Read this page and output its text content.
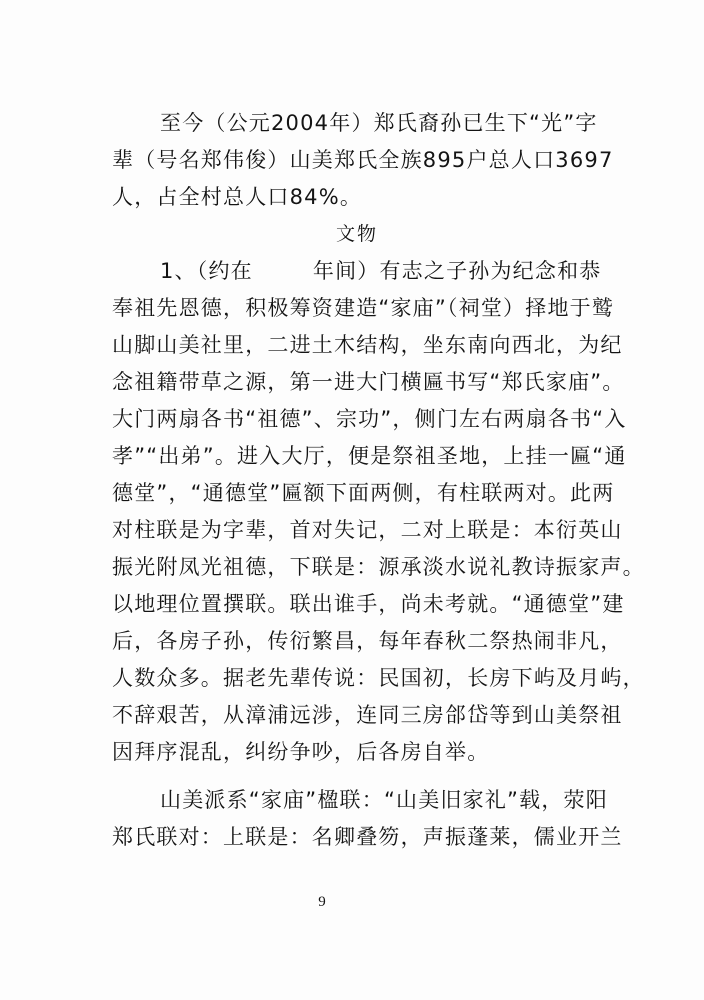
至今（公元2004年）郑氏裔孙已生下“光”字
辈（号名郑伟俊）山美郑氏全族895户总人口3697
人，占全村总人口84%。
文物
1、（约在	年间）有志之子孙为纪念和恭
奉祖先恩德，积极筹资建造“家庙”（祠堂）择地于鹫
山脚山美社里，二进土木结构，坐东南向西北，为纪
念祖籍带草之源，第一进大门横匾书写“郑氏家庙”。
大门两扇各书“祖德”、宗功”，侧门左右两扇各书“入
孝”“出弟”。进入大厅，便是祭祖圣地，上挂一匾“通
德堂”，“通德堂”匾额下面两侧，有柱联两对。此两
对柱联是为字辈，首对失记，二对上联是：本衍英山
振光附凤光祖德，下联是：源承淡水说礼教诗振家声。
以地理位置撰联。联出谁手，尚未考就。“通德堂”建
后，各房子孙，传衍繁昌，每年春秋二祭热闹非凡，
人数众多。据老先辈传说：民国初，长房下屿及月屿，
不辞艰苦，从漳浦远涉，连同三房郃岱等到山美祭祖
因拜序混乱，纠纷争吵，后各房自举。
山美派系“家庙”楹联：“山美旧家礼”载，荥阳
郑氏联对：上联是：名卿叠笏，声振蓬莱，儒业开兰
9
